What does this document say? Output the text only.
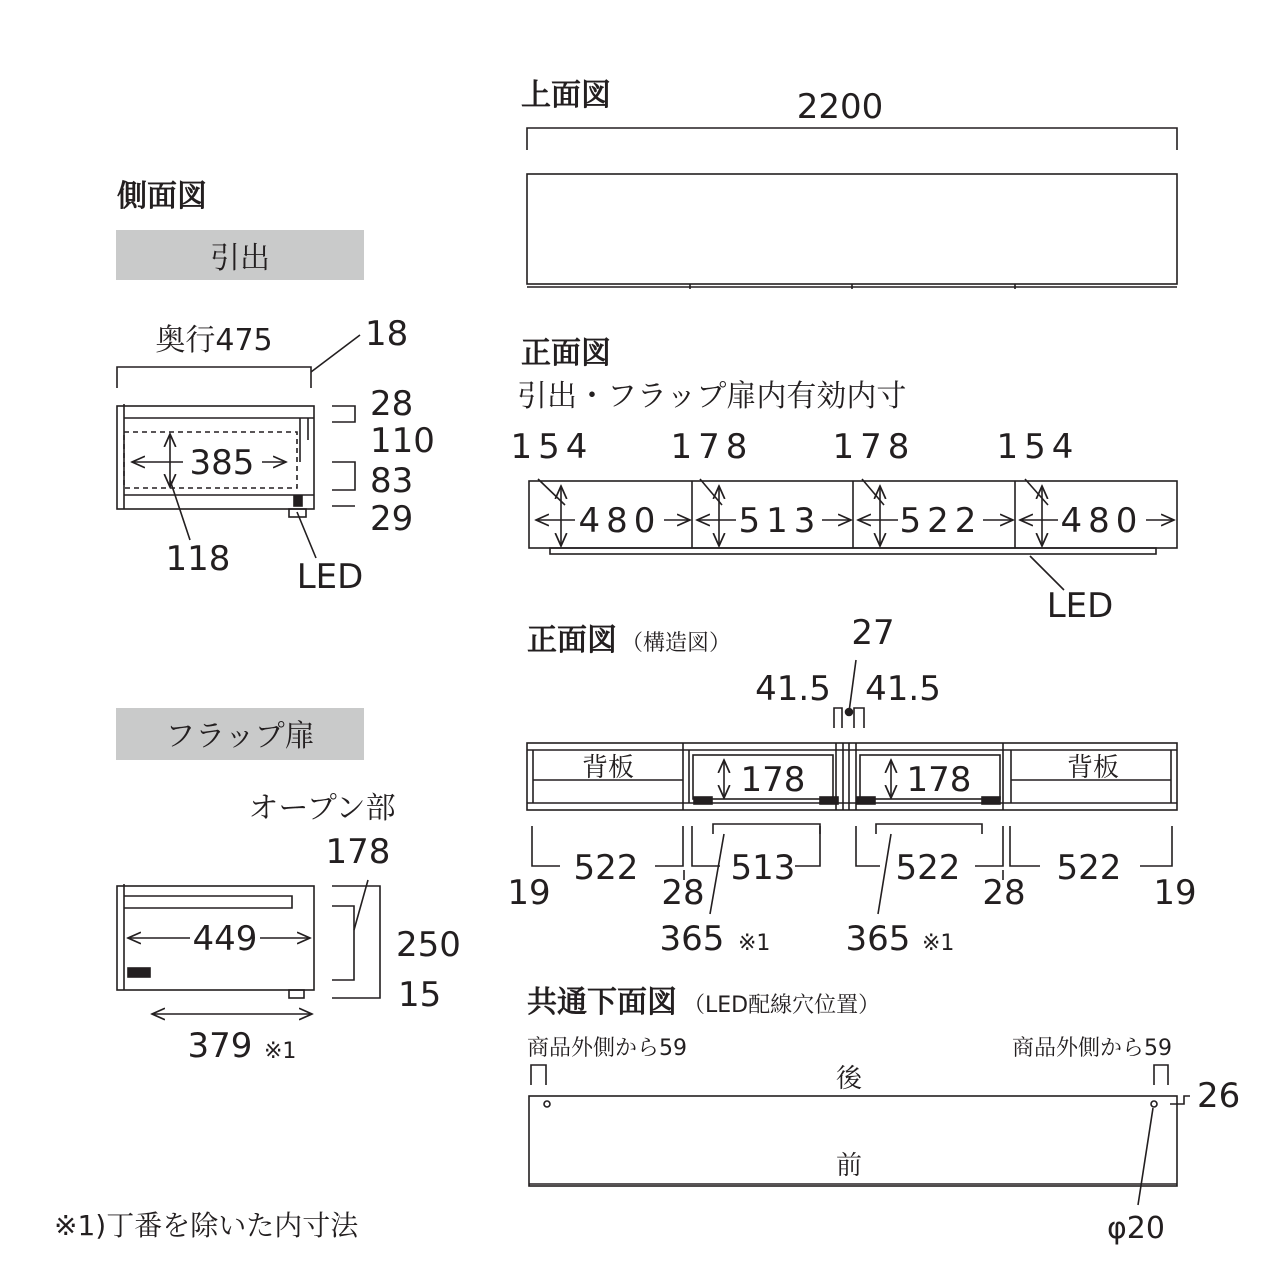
側面図
引出
奥行475	18
28
110
83
29
385
118 LED
フラップ扉
オープン部
178
449	250
15
379 ※1
上面図	2200
正面図
引出・フラップ扉内有効内寸
154 178 178 154
480 513 522 480
LED
正面図 （構造図）	27
41.5 41.5
背板	背板
178	178
19
522
28
513	522
28
522
19
365 ※1 365 ※1
共通下面図 （LED配線穴位置）
商品外側から59	商品外側から59
後
前
26
φ20
※1)丁番を除いた内寸法
